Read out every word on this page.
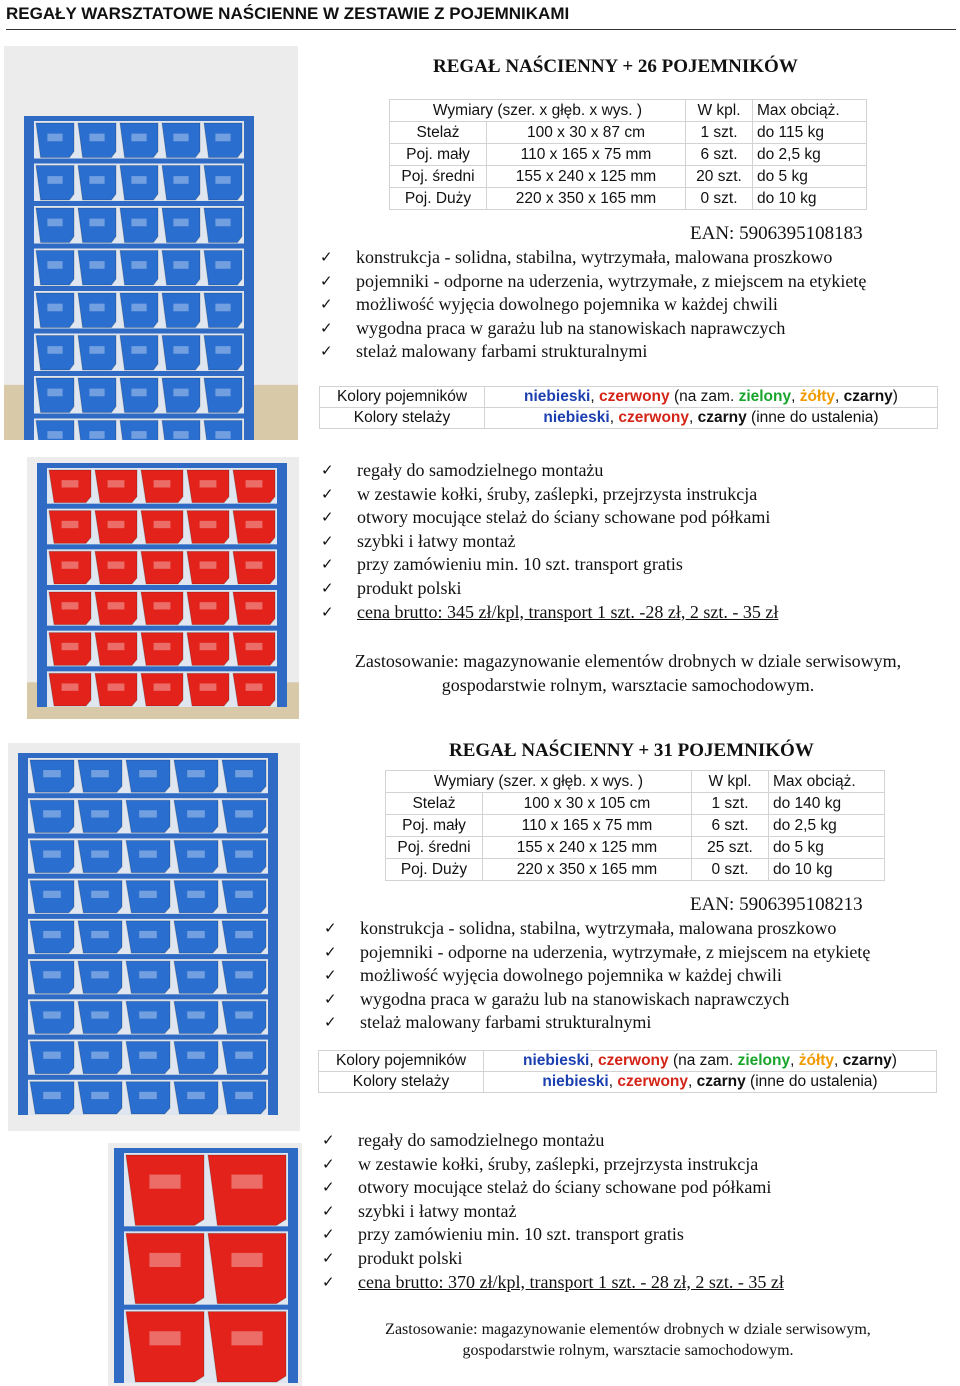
REGAŁY WARSZTATOWE NAŚCIENNE W ZESTAWIE Z POJEMNIKAMI
REGAŁ NAŚCIENNY + 26 POJEMNIKÓW
Wymiary (szer. x głęb. x wys. )		W kpl.	Max obciąż.
Stelaż	100 x 30 x 87 cm	1 szt.	do 115 kg
Poj. mały	110 x 165 x 75 mm	6 szt.	do 2,5 kg
Poj. średni	155 x 240 x 125 mm	20 szt.	do 5 kg
Poj. Duży	220 x 350 x 165 mm	0 szt.	do 10 kg
EAN: 5906395108183
✓ konstrukcja - solidna, stabilna, wytrzymała, malowana proszkowo
✓ pojemniki - odporne na uderzenia, wytrzymałe, z miejscem na etykietę
✓ możliwość wyjęcia dowolnego pojemnika w każdej chwili
✓ wygodna praca w garażu lub na stanowiskach naprawczych
✓ stelaż malowany farbami strukturalnymi
Kolory pojemników	niebieski, czerwony (na zam. zielony, żółty, czarny)
Kolory stelaży	niebieski, czerwony, czarny (inne do ustalenia)
✓ regały do samodzielnego montażu
✓ w zestawie kołki, śruby, zaślepki, przejrzysta instrukcja
✓ otwory mocujące stelaż do ściany schowane pod półkami
✓ szybki i łatwy montaż
✓ przy zamówieniu min. 10 szt. transport gratis
✓ produkt polski
✓ cena brutto: 345 zł/kpl, transport 1 szt. -28 zł, 2 szt. - 35 zł
Zastosowanie: magazynowanie elementów drobnych w dziale serwisowym,
gospodarstwie rolnym, warsztacie samochodowym.
REGAŁ NAŚCIENNY + 31 POJEMNIKÓW
Wymiary (szer. x głęb. x wys. )		W kpl.	Max obciąż.
Stelaż	100 x 30 x 105 cm	1 szt.	do 140 kg
Poj. mały	110 x 165 x 75 mm	6 szt.	do 2,5 kg
Poj. średni	155 x 240 x 125 mm	25 szt.	do 5 kg
Poj. Duży	220 x 350 x 165 mm	0 szt.	do 10 kg
EAN: 5906395108213
✓ konstrukcja - solidna, stabilna, wytrzymała, malowana proszkowo
✓ pojemniki - odporne na uderzenia, wytrzymałe, z miejscem na etykietę
✓ możliwość wyjęcia dowolnego pojemnika w każdej chwili
✓ wygodna praca w garażu lub na stanowiskach naprawczych
✓ stelaż malowany farbami strukturalnymi
Kolory pojemników	niebieski, czerwony (na zam. zielony, żółty, czarny)
Kolory stelaży	niebieski, czerwony, czarny (inne do ustalenia)
✓ regały do samodzielnego montażu
✓ w zestawie kołki, śruby, zaślepki, przejrzysta instrukcja
✓ otwory mocujące stelaż do ściany schowane pod półkami
✓ szybki i łatwy montaż
✓ przy zamówieniu min. 10 szt. transport gratis
✓ produkt polski
✓ cena brutto: 370 zł/kpl, transport 1 szt. - 28 zł, 2 szt. - 35 zł
Zastosowanie: magazynowanie elementów drobnych w dziale serwisowym,
gospodarstwie rolnym, warsztacie samochodowym.
